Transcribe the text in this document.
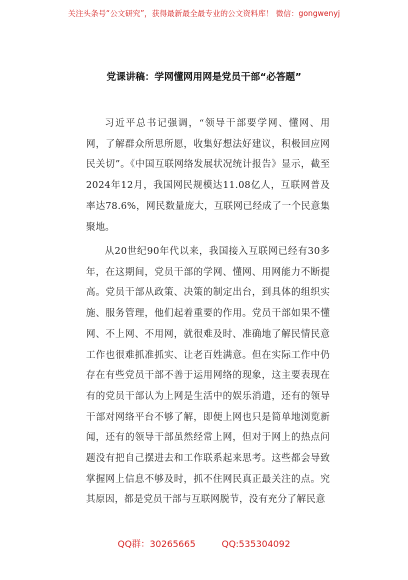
关注头条号“公文研究”，获得最新最全最专业的公文资料库！ 微信：gongwenyj
党课讲稿：学网懂网用网是党员干部“必答题”

习近平总书记强调，“领导干部要学网、懂网、用网，了解群众所思所愿，收集好想法好建议，积极回应网民关切”。《中国互联网络发展状况统计报告》显示，截至2024年12月，我国网民规模达11.08亿人，互联网普及率达78.6%，网民数量庞大，互联网已经成了一个民意集聚地。

从20世纪90年代以来，我国接入互联网已经有30多年，在这期间，党员干部的学网、懂网、用网能力不断提高。党员干部从政策、决策的制定出台，到具体的组织实施、服务管理，他们起着重要的作用。党员干部如果不懂网、不上网、不用网，就很难及时、准确地了解民情民意工作也很难抓准抓实、让老百姓满意。但在实际工作中仍存在有些党员干部不善于运用网络的现象，这主要表现在有的党员干部认为上网是生活中的娱乐消遣，还有的领导干部对网络平台不够了解，即便上网也只是简单地浏览新闻，还有的领导干部虽然经常上网，但对于网上的热点问题没有把自己摆进去和工作联系起来思考。这些都会导致掌握网上信息不够及时，抓不住网民真正最关注的点。究其原因，都是党员干部与互联网脱节，没有充分了解民意

QQ群：30265665	QQ:535304092
